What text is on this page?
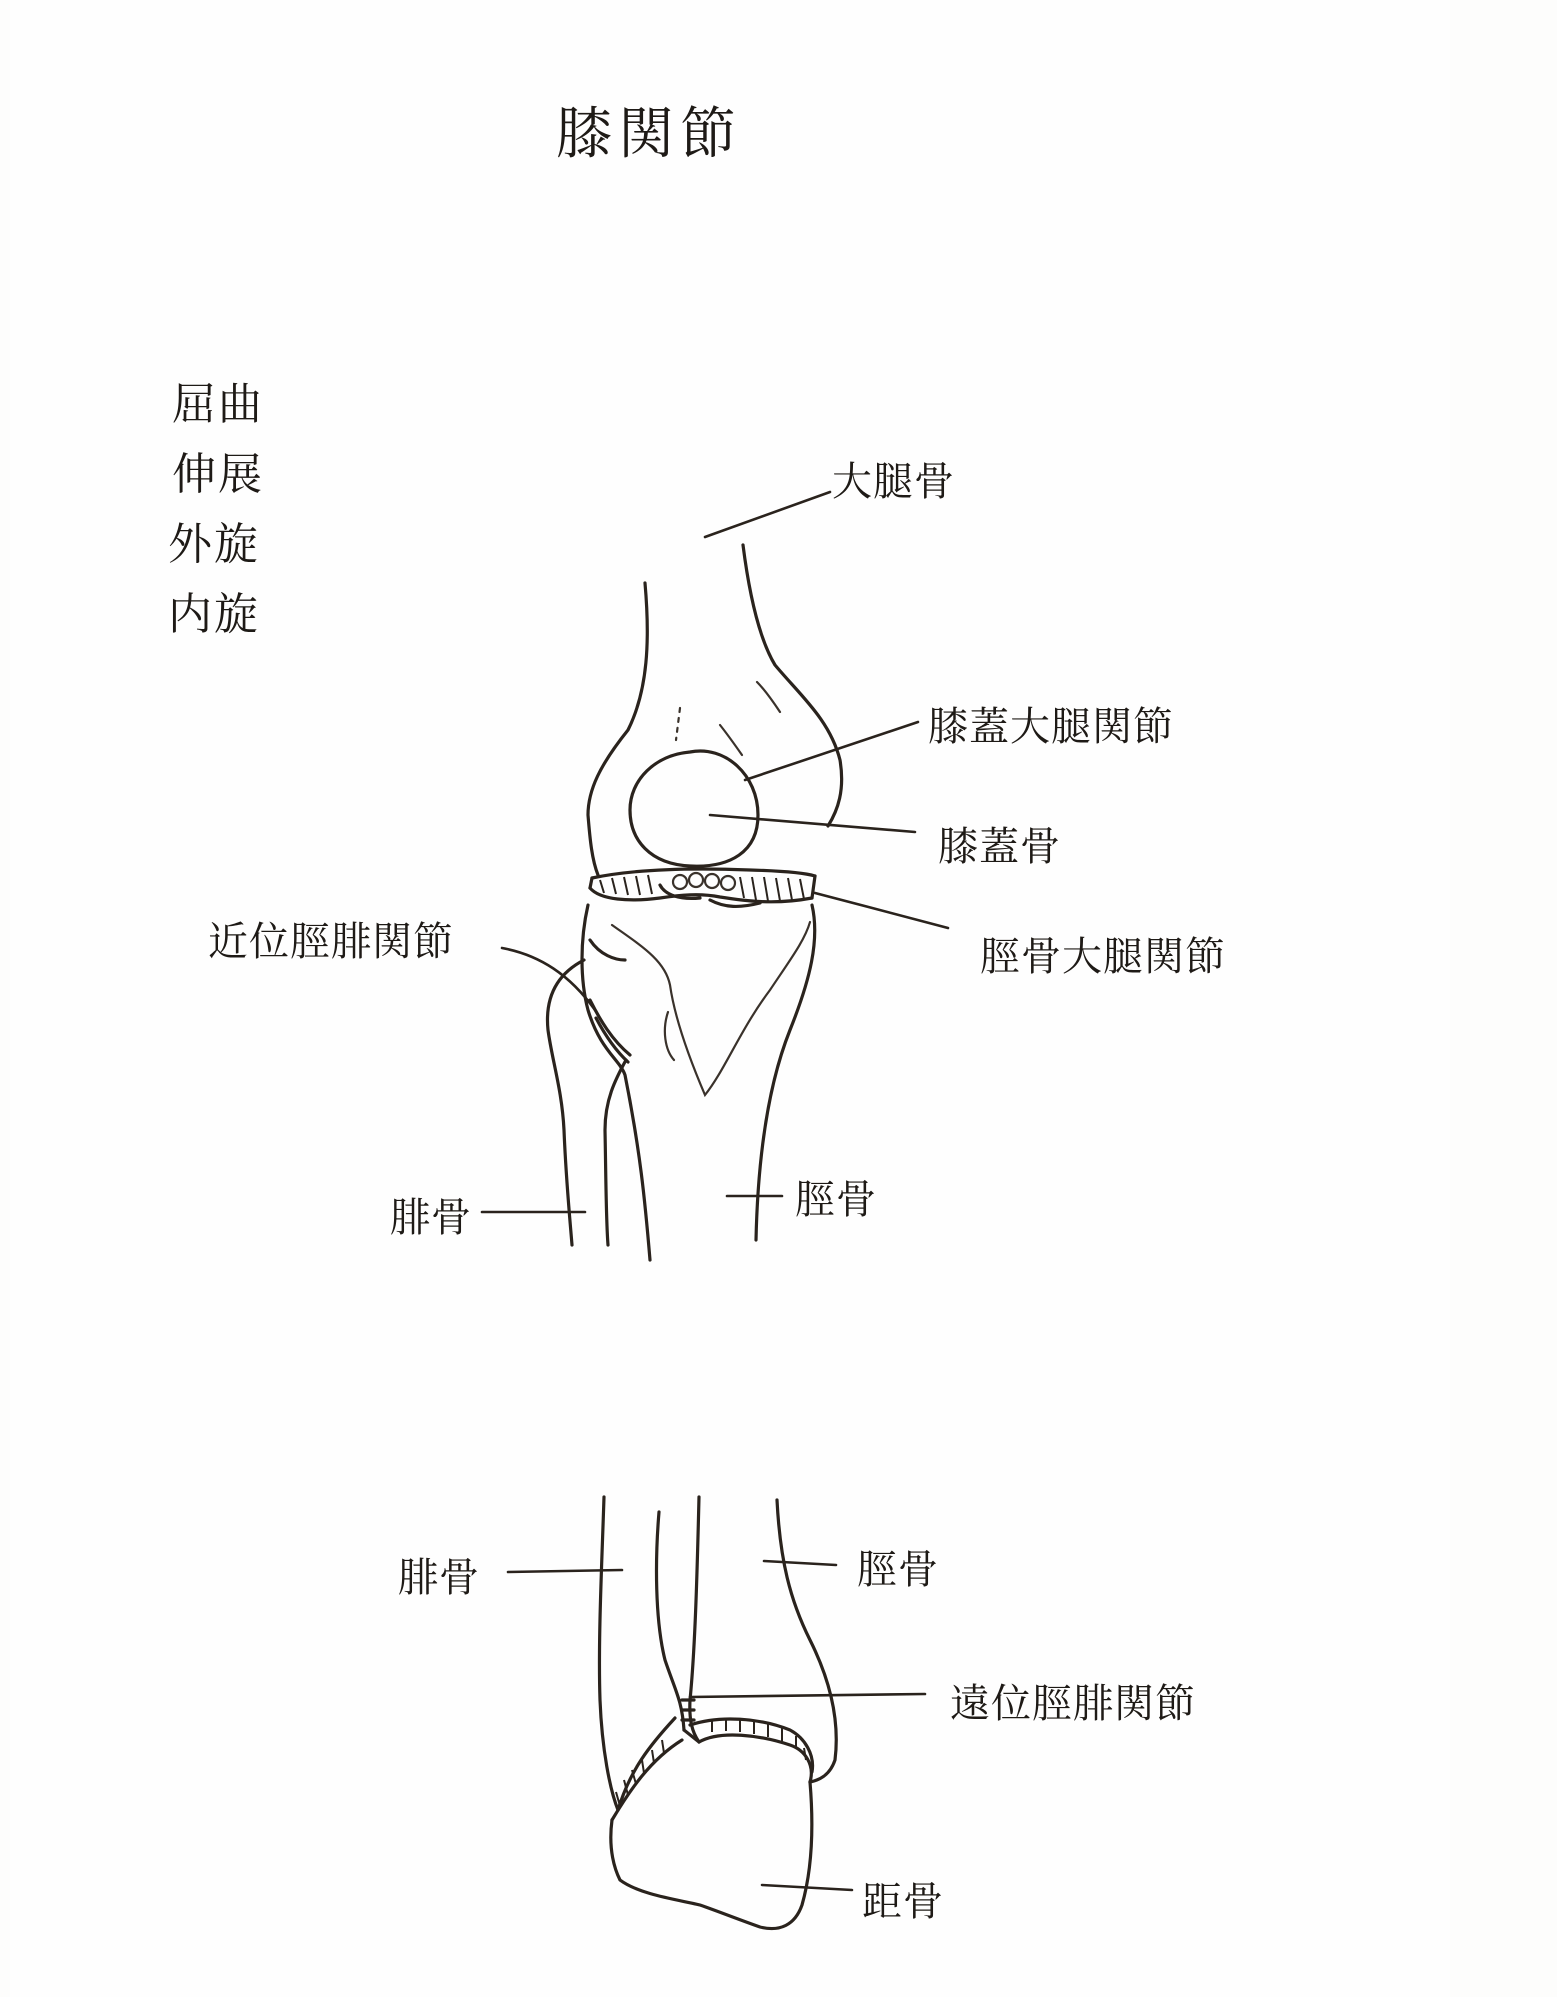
膝関節
屈曲
伸展
外旋
内旋
大腿骨
膝蓋大腿関節
膝蓋骨
脛骨大腿関節
近位脛腓関節
腓骨	脛骨
腓骨	脛骨
遠位脛腓関節
距骨
